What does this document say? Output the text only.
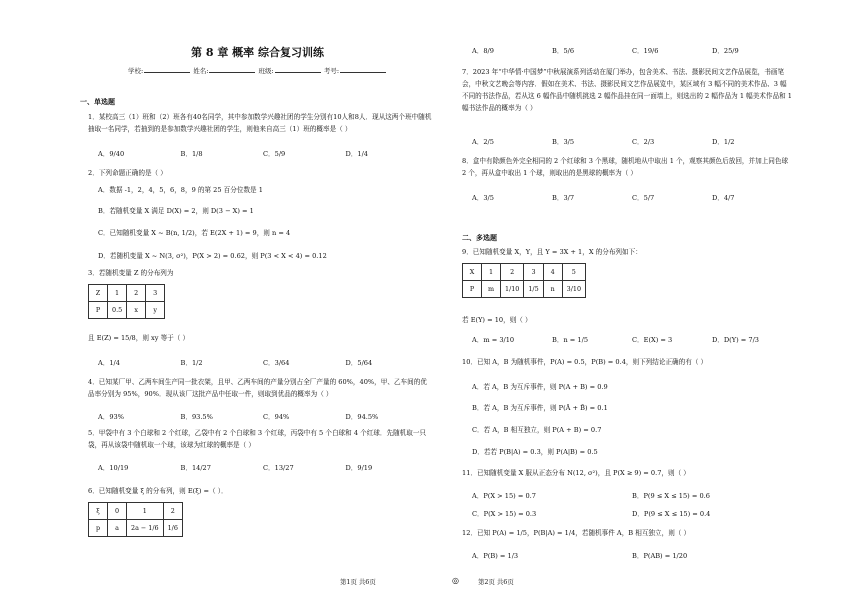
第 8 章 概率 综合复习训练
学校:	姓名:	班级:	考号:
一、单选题
1．某校高三（1）班和（2）班各有40名同学，其中参加数学兴趣社团的学生分别有10人和8人．现从这两个班中随机抽取一名同学，若抽到的是参加数学兴趣社团的学生，则他来自高三（1）班的概率是（ ）
A．9/40	B．1/8	C．5/9	D．1/4
2．下列命题正确的是（ ）
A．数据 -1，2，4，5，6，8，9 的第 25 百分位数是 1
B．若随机变量 X 满足 D(X) = 2，则 D(3 − X) = 1
C．已知随机变量 X ~ B(n, 1/2)，若 E(2X + 1) = 9，则 n = 4
D．若随机变量 X ~ N(3, σ²)，P(X > 2) = 0.62，则 P(3 < X < 4) = 0.12
3．若随机变量 Z 的分布列为
Z	1	2	3
P	0.5	x	y
且 E(Z) = 15/8，则 xy 等于（ ）
A．1/4	B．1/2	C．3/64	D．5/64
4．已知某厂甲、乙两车间生产同一批衣架，且甲、乙两车间的产量分别占全厂产量的 60%，40%，甲、乙车间的优品率分别为 95%，90%．现从该厂这批产品中任取一件，则取到优品的概率为（ ）
A．93%	B．93.5%	C．94%	D．94.5%
5．甲袋中有 3 个白球和 2 个红球，乙袋中有 2 个白球和 3 个红球，丙袋中有 5 个白球和 4 个红球．先随机取一只袋，再从该袋中随机取一个球，该球为红球的概率是（ ）
A．10/19	B．14/27	C．13/27	D．9/19
6．已知随机变量 ξ 的分布列，则 E(ξ) =（ ）．
ξ	0	1	2
p	a	2a − 1/6	1/6
A．8/9	B．5/6	C．19/6	D．25/9
7．2023 年“中华情·中国梦”中秋展演系列活动在厦门举办，包含美术、书法、摄影民间文艺作品展览，书画笔会，中秋文艺晚会等内容．假如在美术、书法、摄影民间文艺作品展览中，某区域有 3 幅不同的美术作品、3 幅不同的书法作品，若从这 6 幅作品中随机挑选 2 幅作品挂在同一面墙上，则选出的 2 幅作品为 1 幅美术作品和 1 幅书法作品的概率为（ ）
A．2/5	B．3/5	C．2/3	D．1/2
8．盒中有除颜色外完全相同的 2 个红球和 3 个黑球，随机地从中取出 1 个，观察其颜色后放回，并加上同色球 2 个，再从盒中取出 1 个球，则取出的是黑球的概率为（ ）
A．3/5	B．3/7	C．5/7	D．4/7
二、多选题
9．已知随机变量 X，Y，且 Y = 3X + 1，X 的分布列如下：
X	1	2	3	4	5
P	m	1/10	1/5	n	3/10
若 E(Y) = 10，则（ ）
A．m = 3/10	B．n = 1/5	C．E(X) = 3	D．D(Y) = 7/3
10．已知 A，B 为随机事件，P(A) = 0.5，P(B) = 0.4，则下列结论正确的有（ ）
A．若 A，B 为互斥事件，则 P(A + B) = 0.9
B．若 A，B 为互斥事件，则 P(Ā + B̄) = 0.1
C．若 A，B 相互独立，则 P(A + B) = 0.7
D．若若 P(B|A) = 0.3，则 P(A|B) = 0.5
11．已知随机变量 X 服从正态分布 N(12, σ²)，且 P(X ≥ 9) = 0.7，则（ ）
A．P(X > 15) = 0.7	B．P(9 ≤ X ≤ 15) = 0.6
C．P(X > 15) = 0.3	D．P(9 ≤ X ≤ 15) = 0.4
12．已知 P(A) = 1/5，P(B|A) = 1/4，若随机事件 A，B 相互独立，则（ ）
A．P(B) = 1/3	B．P(AB) = 1/20
第1页 共6页	◎	第2页 共6页
